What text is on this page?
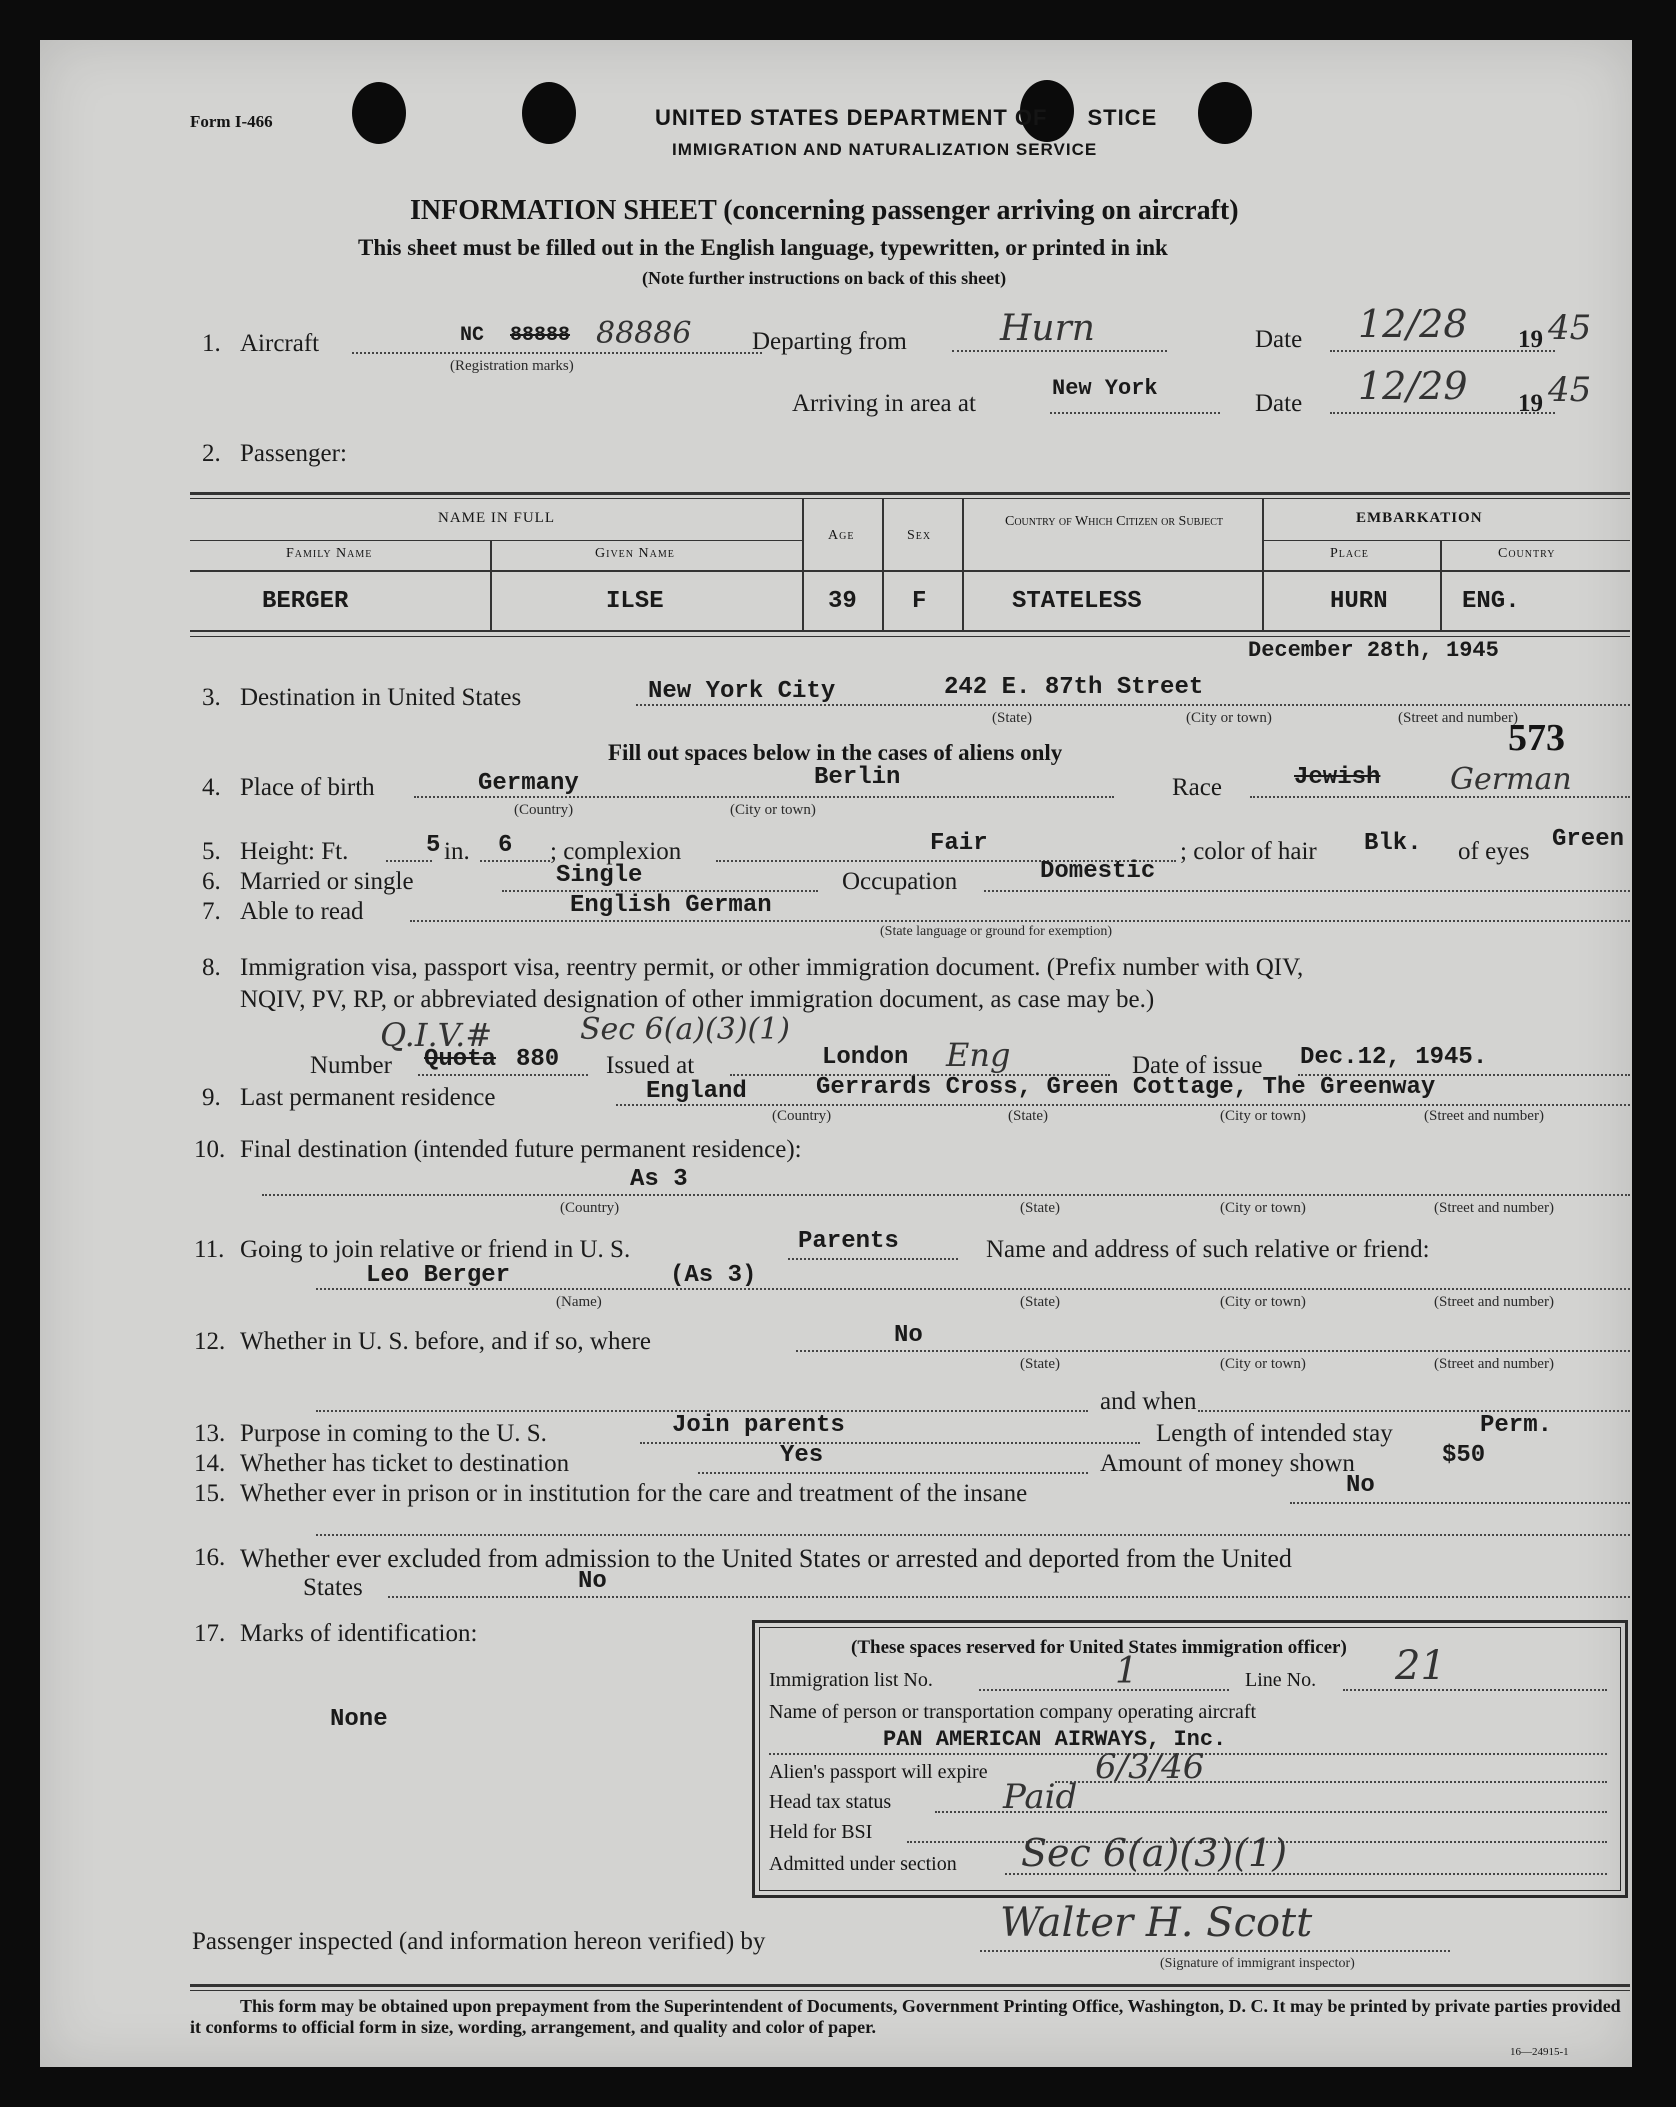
Form I-466	UNITED STATES DEPARTMENT OF STICE
IMMIGRATION AND NATURALIZATION SERVICE
INFORMATION SHEET (concerning passenger arriving on aircraft)
This sheet must be filled out in the English language, typewritten, or printed in ink
(Note further instructions on back of this sheet)
1. Aircraft	NC 88888 88886
(Registration marks)
Departing from	Hurn	Date 12/28 19 45
Arriving in area at
New York
Date 12/29 19 45
2. Passenger:
NAME IN FULL
Family Name	Given Name
Age	Sex
Country of Which Citizen or Subject	EMBARKATION
Place	Country
BERGER	ILSE	39 F	STATELESS	HURN	ENG.
December 28th, 1945
3. Destination in United States	New York City	242 E. 87th Street
(State)	(City or town)	(Street and number)
573
Fill out spaces below in the cases of aliens only
4. Place of birth	Germany	Berlin
(Country)	(City or town)
Race	Jewish German
5. Height: Ft.	5 in. 6 ; complexion	Fair	; color of hair Blk. of eyes Green
6. Married or single	Single	Occupation	Domestic
7. Able to read	English German
(State language or ground for exemption)
8. Immigration visa, passport visa, reentry permit, or other immigration document. (Prefix number with QIV,
NQIV, PV, RP, or abbreviated designation of other immigration document, as case may be.)
Q.I.V.#	Sec 6(a)(3)(1)
Number Quota 880 Issued at	London Eng	Date of issue Dec.12, 1945.
9. Last permanent residence	England	Gerrards Cross, Green Cottage, The Greenway
(Country)	(State)	(City or town)	(Street and number)
10. Final destination (intended future permanent residence):
As 3
(Country)	(State)	(City or town)	(Street and number)
11. Going to join relative or friend in U. S.	Parents	Name and address of such relative or friend:
Leo Berger	(As 3)
(Name)	(State)	(City or town)	(Street and number)
12. Whether in U. S. before, and if so, where	No
(State)	(City or town)	(Street and number)
and when
13. Purpose in coming to the U. S.	Join parents	Length of intended stay	Perm.
14. Whether has ticket to destination	Yes	Amount of money shown	$50
15. Whether ever in prison or in institution for the care and treatment of the insane	No
16. Whether ever excluded from admission to the United States or arrested and deported from the United
States	No
17. Marks of identification:
None
(These spaces reserved for United States immigration officer)
Immigration list No.	1	Line No. 21
Name of person or transportation company operating aircraft
PAN AMERICAN AIRWAYS, Inc.
Alien's passport will expire	6/3/46
Head tax status	Paid
Held for BSI
Admitted under section Sec 6(a)(3)(1)
Passenger inspected (and information hereon verified) by	Walter H. Scott
(Signature of immigrant inspector)
This form may be obtained upon prepayment from the Superintendent of Documents, Government Printing Office, Washington, D. C. It may be printed by private parties provided it conforms to official form in size, wording, arrangement, and quality and color of paper.
16—24915-1
